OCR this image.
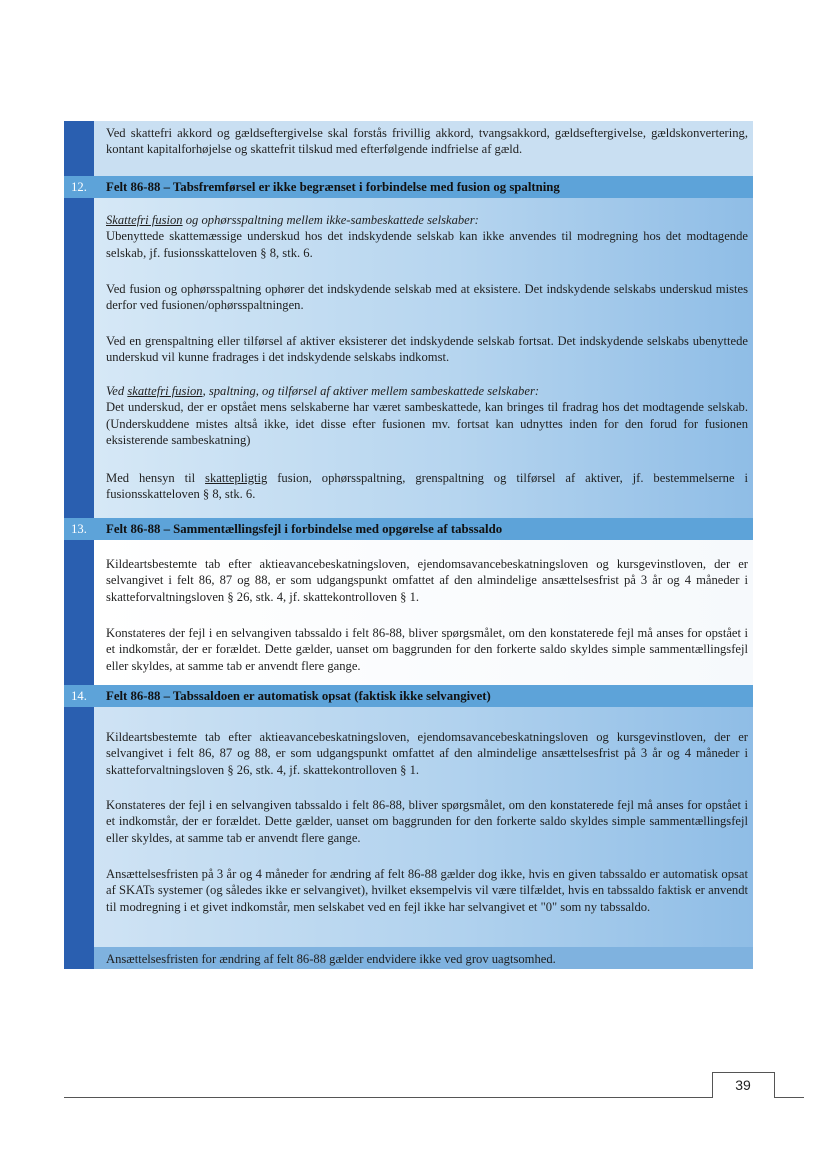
Ved skattefri akkord og gældseftergivelse skal forstås frivillig akkord, tvangsakkord, gældseftergivelse, gældskonvertering, kontant kapitalforhøjelse og skattefrit tilskud med efterfølgende indfrielse af gæld.
12.	Felt 86-88 – Tabsfremførsel er ikke begrænset i forbindelse med fusion og spaltning
Skattefri fusion og ophørsspaltning mellem ikke-sambeskattede selskaber:
Ubenyttede skattemæssige underskud hos det indskydende selskab kan ikke anvendes til modregning hos det modtagende selskab, jf. fusionsskatteloven § 8, stk. 6.
Ved fusion og ophørsspaltning ophører det indskydende selskab med at eksistere. Det indskydende selskabs underskud mistes derfor ved fusionen/ophørsspaltningen.
Ved en grenspaltning eller tilførsel af aktiver eksisterer det indskydende selskab fortsat. Det indskydende selskabs ubenyttede underskud vil kunne fradrages i det indskydende selskabs indkomst.
Ved skattefri fusion, spaltning, og tilførsel af aktiver mellem sambeskattede selskaber:
Det underskud, der er opstået mens selskaberne har været sambeskattede, kan bringes til fradrag hos det modtagende selskab. (Underskuddene mistes altså ikke, idet disse efter fusionen mv. fortsat kan udnyttes inden for den forud for fusionen eksisterende sambeskatning)
Med hensyn til skattepligtig fusion, ophørsspaltning, grenspaltning og tilførsel af aktiver, jf. bestemmelserne i fusionsskatteloven § 8, stk. 6.
13.	Felt 86-88 – Sammentællingsfejl i forbindelse med opgørelse af tabssaldo
Kildeartsbestemte tab efter aktieavancebeskatningsloven, ejendomsavancebeskatningsloven og kursgevinstloven, der er selvangivet i felt 86, 87 og 88, er som udgangspunkt omfattet af den almindelige ansættelsesfrist på 3 år og 4 måneder i skatteforvaltningsloven § 26, stk. 4, jf. skattekontrolloven § 1.
Konstateres der fejl i en selvangiven tabssaldo i felt 86-88, bliver spørgsmålet, om den konstaterede fejl må anses for opstået i et indkomstår, der er forældet. Dette gælder, uanset om baggrunden for den forkerte saldo skyldes simple sammentællingsfejl eller skyldes, at samme tab er anvendt flere gange.
14.	Felt 86-88 – Tabssaldoen er automatisk opsat (faktisk ikke selvangivet)
Kildeartsbestemte tab efter aktieavancebeskatningsloven, ejendomsavancebeskatningsloven og kursgevinstloven, der er selvangivet i felt 86, 87 og 88, er som udgangspunkt omfattet af den almindelige ansættelsesfrist på 3 år og 4 måneder i skatteforvaltningsloven § 26, stk. 4, jf. skattekontrolloven § 1.
Konstateres der fejl i en selvangiven tabssaldo i felt 86-88, bliver spørgsmålet, om den konstaterede fejl må anses for opstået i et indkomstår, der er forældet. Dette gælder, uanset om baggrunden for den forkerte saldo skyldes simple sammentællingsfejl eller skyldes, at samme tab er anvendt flere gange.
Ansættelsesfristen på 3 år og 4 måneder for ændring af felt 86-88 gælder dog ikke, hvis en given tabssaldo er automatisk opsat af SKATs systemer (og således ikke er selvangivet), hvilket eksempelvis vil være tilfældet, hvis en tabssaldo faktisk er anvendt til modregning i et givet indkomstår, men selskabet ved en fejl ikke har selvangivet et "0" som ny tabssaldo.
Ansættelsesfristen for ændring af felt 86-88 gælder endvidere ikke ved grov uagtsomhed.
39
